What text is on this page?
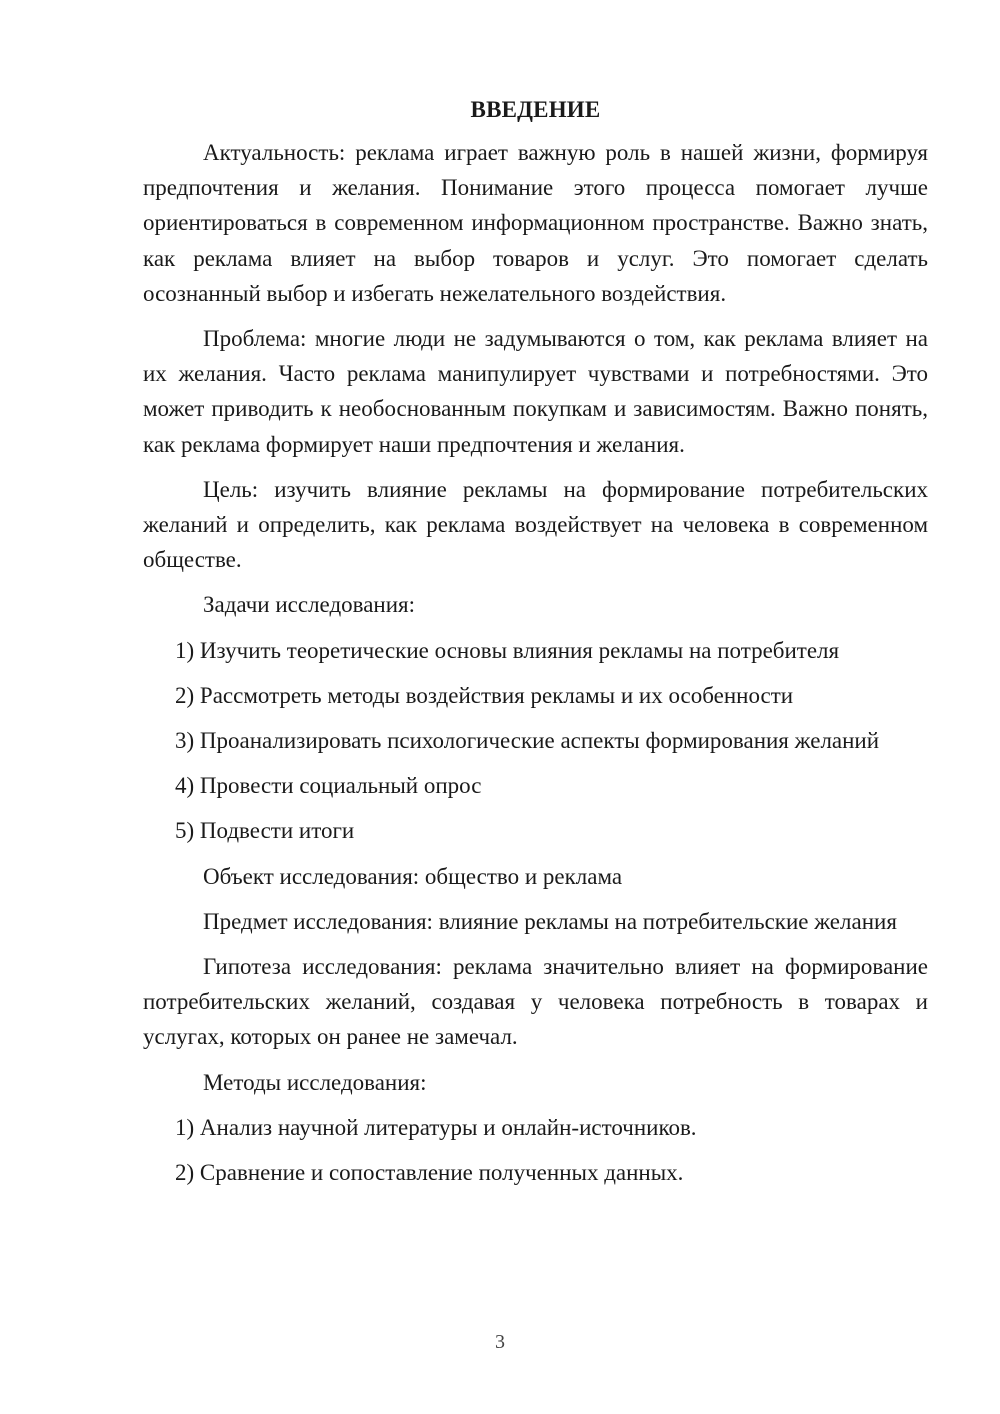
ВВЕДЕНИЕ

Актуальность: реклама играет важную роль в нашей жизни, формируя предпочтения и желания. Понимание этого процесса помогает лучше ориентироваться в современном информационном пространстве. Важно знать, как реклама влияет на выбор товаров и услуг. Это помогает сделать осознанный выбор и избегать нежелательного воздействия.

Проблема: многие люди не задумываются о том, как реклама влияет на их желания. Часто реклама манипулирует чувствами и потребностями. Это может приводить к необоснованным покупкам и зависимостям. Важно понять, как реклама формирует наши предпочтения и желания.

Цель: изучить влияние рекламы на формирование потребительских желаний и определить, как реклама воздействует на человека в современном обществе.

Задачи исследования:

1) Изучить теоретические основы влияния рекламы на потребителя

2) Рассмотреть методы воздействия рекламы и их особенности

3) Проанализировать психологические аспекты формирования желаний

4) Провести социальный опрос

5) Подвести итоги

Объект исследования: общество и реклама

Предмет исследования: влияние рекламы на потребительские желания

Гипотеза исследования: реклама значительно влияет на формирование потребительских желаний, создавая у человека потребность в товарах и услугах, которых он ранее не замечал.

Методы исследования:

1) Анализ научной литературы и онлайн-источников.

2) Сравнение и сопоставление полученных данных.

3
